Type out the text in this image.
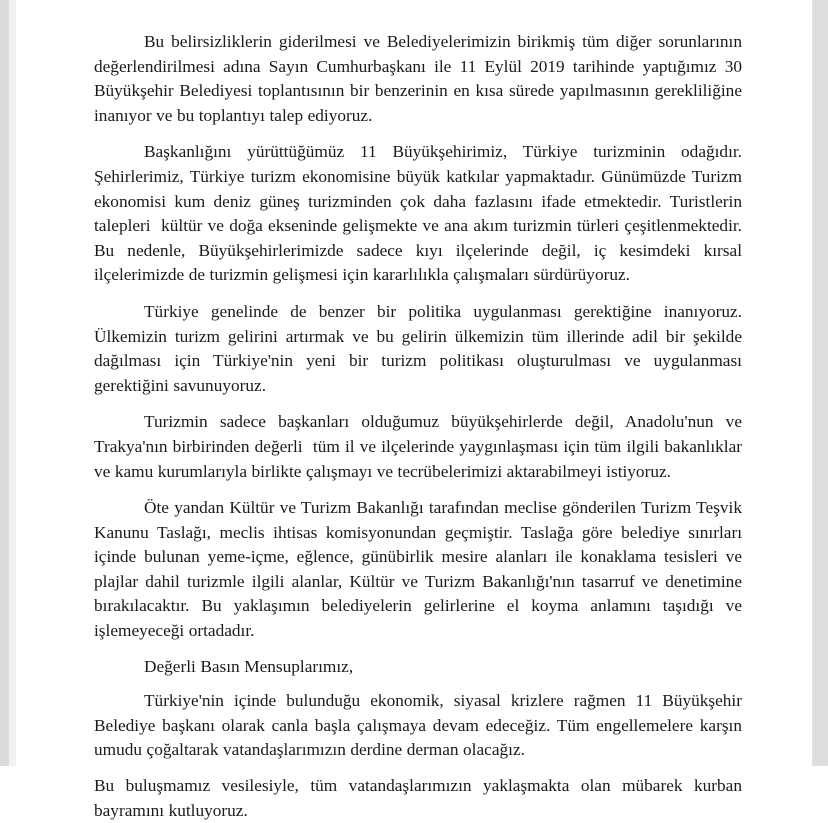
Bu belirsizliklerin giderilmesi ve Belediyelerimizin birikmiş tüm diğer sorunlarının değerlendirilmesi adına Sayın Cumhurbaşkanı ile 11 Eylül 2019 tarihinde yaptığımız 30 Büyükşehir Belediyesi toplantısının bir benzerinin en kısa sürede yapılmasının gerekliliğine inanıyor ve bu toplantıyı talep ediyoruz.

Başkanlığını yürüttüğümüz 11 Büyükşehirimiz, Türkiye turizminin odağıdır. Şehirlerimiz, Türkiye turizm ekonomisine büyük katkılar yapmaktadır. Günümüzde Turizm ekonomisi kum deniz güneş turizminden çok daha fazlasını ifade etmektedir. Turistlerin  talepleri  kültür ve doğa ekseninde gelişmekte ve ana akım turizmin türleri çeşitlenmektedir. Bu nedenle, Büyükşehirlerimizde sadece kıyı ilçelerinde değil, iç kesimdeki kırsal ilçelerimizde de turizmin gelişmesi için kararlılıkla çalışmaları sürdürüyoruz.

Türkiye genelinde de benzer bir politika uygulanması gerektiğine inanıyoruz. Ülkemizin turizm gelirini artırmak ve bu gelirin ülkemizin tüm illerinde adil bir şekilde dağılması için Türkiye'nin yeni bir turizm politikası oluşturulması ve uygulanması gerektiğini savunuyoruz.

Turizmin sadece başkanları olduğumuz büyükşehirlerde değil, Anadolu'nun ve Trakya'nın birbirinden değerli  tüm il ve ilçelerinde yaygınlaşması için tüm ilgili bakanlıklar ve kamu kurumlarıyla birlikte çalışmayı ve tecrübelerimizi aktarabilmeyi istiyoruz.

Öte yandan Kültür ve Turizm Bakanlığı tarafından meclise gönderilen Turizm Teşvik Kanunu Taslağı, meclis ihtisas komisyonundan geçmiştir. Taslağa göre belediye sınırları içinde bulunan yeme-içme, eğlence, günübirlik mesire alanları ile konaklama tesisleri ve plajlar dahil turizmle ilgili alanlar, Kültür ve Turizm Bakanlığı'nın tasarruf ve denetimine bırakılacaktır. Bu yaklaşımın belediyelerin gelirlerine el koyma anlamını taşıdığı ve işlemeyeceği ortadadır.

Değerli Basın Mensuplarımız,

Türkiye'nin içinde bulunduğu ekonomik, siyasal krizlere rağmen 11 Büyükşehir Belediye başkanı olarak canla başla çalışmaya devam edeceğiz. Tüm engellemelere karşın umudu çoğaltarak vatandaşlarımızın derdine derman olacağız.

Bu buluşmamız vesilesiyle, tüm vatandaşlarımızın yaklaşmakta olan mübarek kurban bayramını kutluyoruz.
